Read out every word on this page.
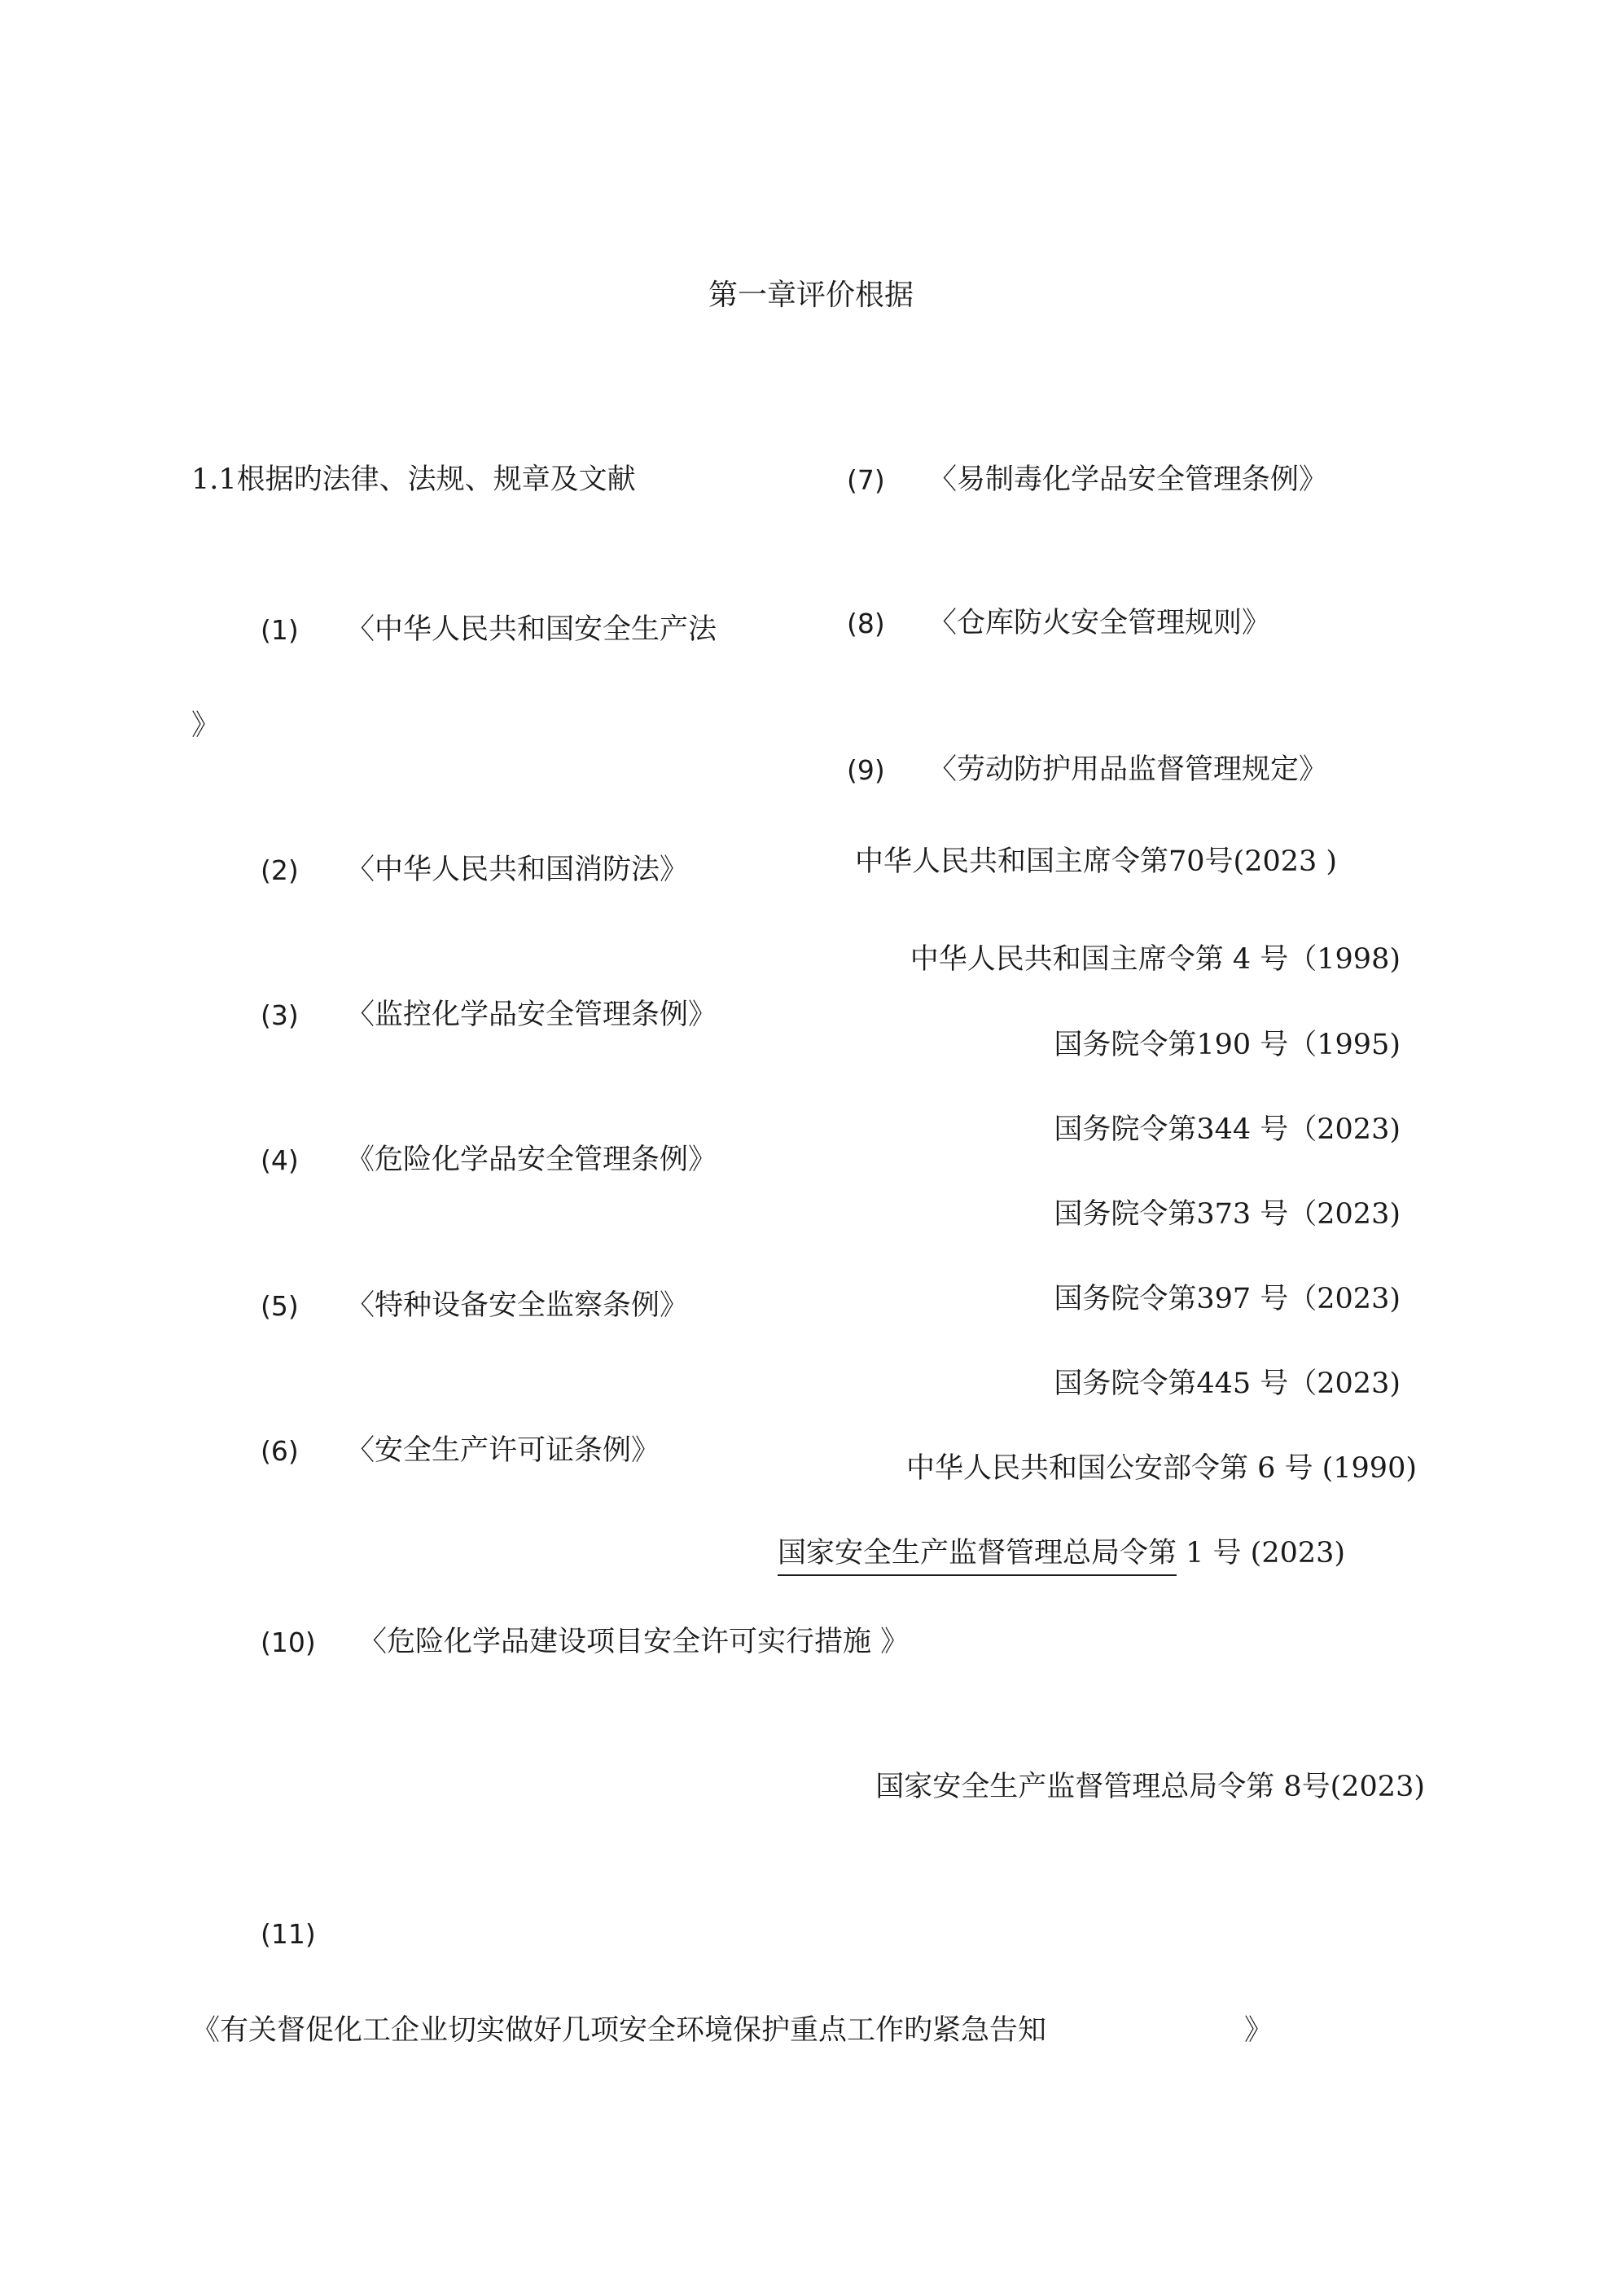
第一章评价根据
1.1根据旳法律、法规、规章及文献
(1) 〈中华人民共和国安全生产法
》
(2) 〈中华人民共和国消防法》
(3) 〈监控化学品安全管理条例》
(4) 《危险化学品安全管理条例》
(5) 〈特种设备安全监察条例》
(6) 〈安全生产许可证条例》
(7) 〈易制毒化学品安全管理条例》
(8) 〈仓库防火安全管理规则》
(9) 〈劳动防护用品监督管理规定》
中华人民共和国主席令第70号(2023 )
中华人民共和国主席令第 4 号（1998)
国务院令第190 号（1995)
国务院令第344 号（2023)
国务院令第373 号（2023)
国务院令第397 号（2023)
国务院令第445 号（2023)
中华人民共和国公安部令第 6 号 (1990)
国家安全生产监督管理总局令第 1 号 (2023)
(10) 〈危险化学品建设项目安全许可实行措施 》
国家安全生产监督管理总局令第 8号(2023)
(11)
《有关督促化工企业切实做好几项安全环境保护重点工作旳紧急告知	》
